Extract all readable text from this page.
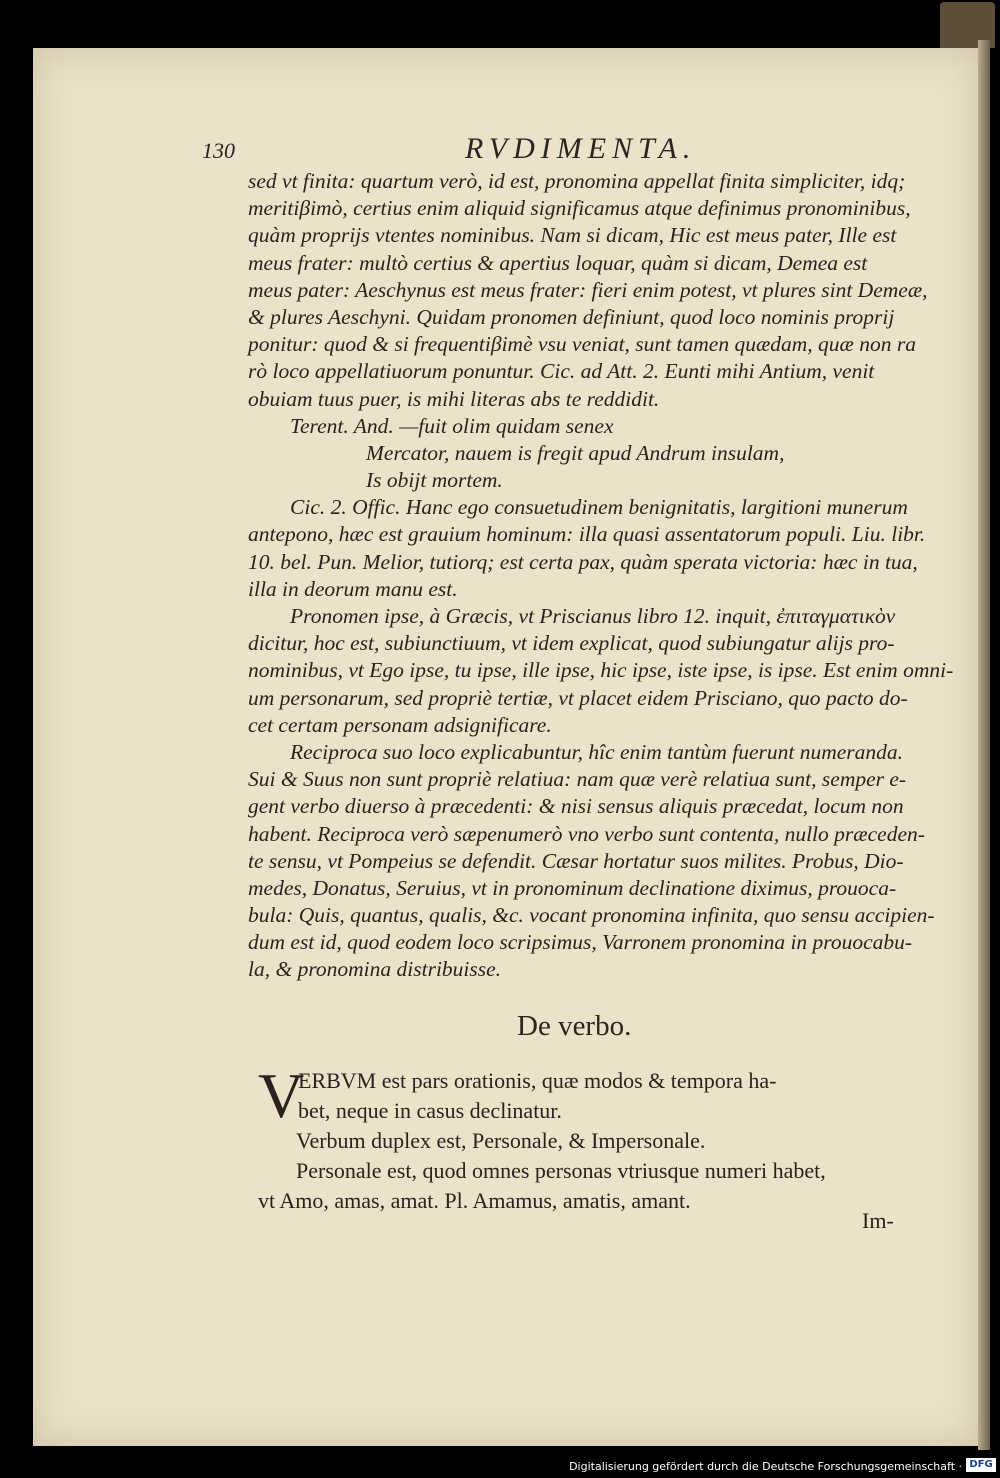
130	RVDIMENTA.
sed vt finita: quartum verò, id est, pronomina appellat finita simpliciter, idq;
meritiβimò, certius enim aliquid significamus atque definimus pronominibus,
quàm proprijs vtentes nominibus. Nam si dicam, Hic est meus pater, Ille est
meus frater: multò certius & apertius loquar, quàm si dicam, Demea est
meus pater: Aeschynus est meus frater: fieri enim potest, vt plures sint Demeæ,
& plures Aeschyni. Quidam pronomen definiunt, quod loco nominis proprij
ponitur: quod & si frequentiβimè vsu veniat, sunt tamen quædam, quæ non ra
rò loco appellatiuorum ponuntur. Cic. ad Att. 2. Eunti mihi Antium, venit
obuiam tuus puer, is mihi literas abs te reddidit.
Terent. And. —fuit olim quidam senex
Mercator, nauem is fregit apud Andrum insulam,
Is obijt mortem.
Cic. 2. Offic. Hanc ego consuetudinem benignitatis, largitioni munerum
antepono, hæc est grauium hominum: illa quasi assentatorum populi. Liu. libr.
10. bel. Pun. Melior, tutiorq; est certa pax, quàm sperata victoria: hæc in tua,
illa in deorum manu est.
Pronomen ipse, à Græcis, vt Priscianus libro 12. inquit, ἐπιταγματικὸν
dicitur, hoc est, subiunctiuum, vt idem explicat, quod subiungatur alijs pro-
nominibus, vt Ego ipse, tu ipse, ille ipse, hic ipse, iste ipse, is ipse. Est enim omni-
um personarum, sed propriè tertiæ, vt placet eidem Prisciano, quo pacto do-
cet certam personam adsignificare.
Reciproca suo loco explicabuntur, hîc enim tantùm fuerunt numeranda.
Sui & Suus non sunt propriè relatiua: nam quæ verè relatiua sunt, semper e-
gent verbo diuerso à præcedenti: & nisi sensus aliquis præcedat, locum non
habent. Reciproca verò sæpenumerò vno verbo sunt contenta, nullo præceden-
te sensu, vt Pompeius se defendit. Cæsar hortatur suos milites. Probus, Dio-
medes, Donatus, Seruius, vt in pronominum declinatione diximus, prouoca-
bula: Quis, quantus, qualis, &c. vocant pronomina infinita, quo sensu accipien-
dum est id, quod eodem loco scripsimus, Varronem pronomina in prouocabu-
la, & pronomina distribuisse.
De verbo.
V
ERBVM est pars orationis, quæ modos & tempora ha-
bet, neque in casus declinatur.
Verbum duplex est, Personale, & Impersonale.
Personale est, quod omnes personas vtriusque numeri habet,
vt Amo, amas, amat. Pl. Amamus, amatis, amant.
Im-
Digitalisierung gefördert durch die Deutsche Forschungsgemeinschaft · DFG
